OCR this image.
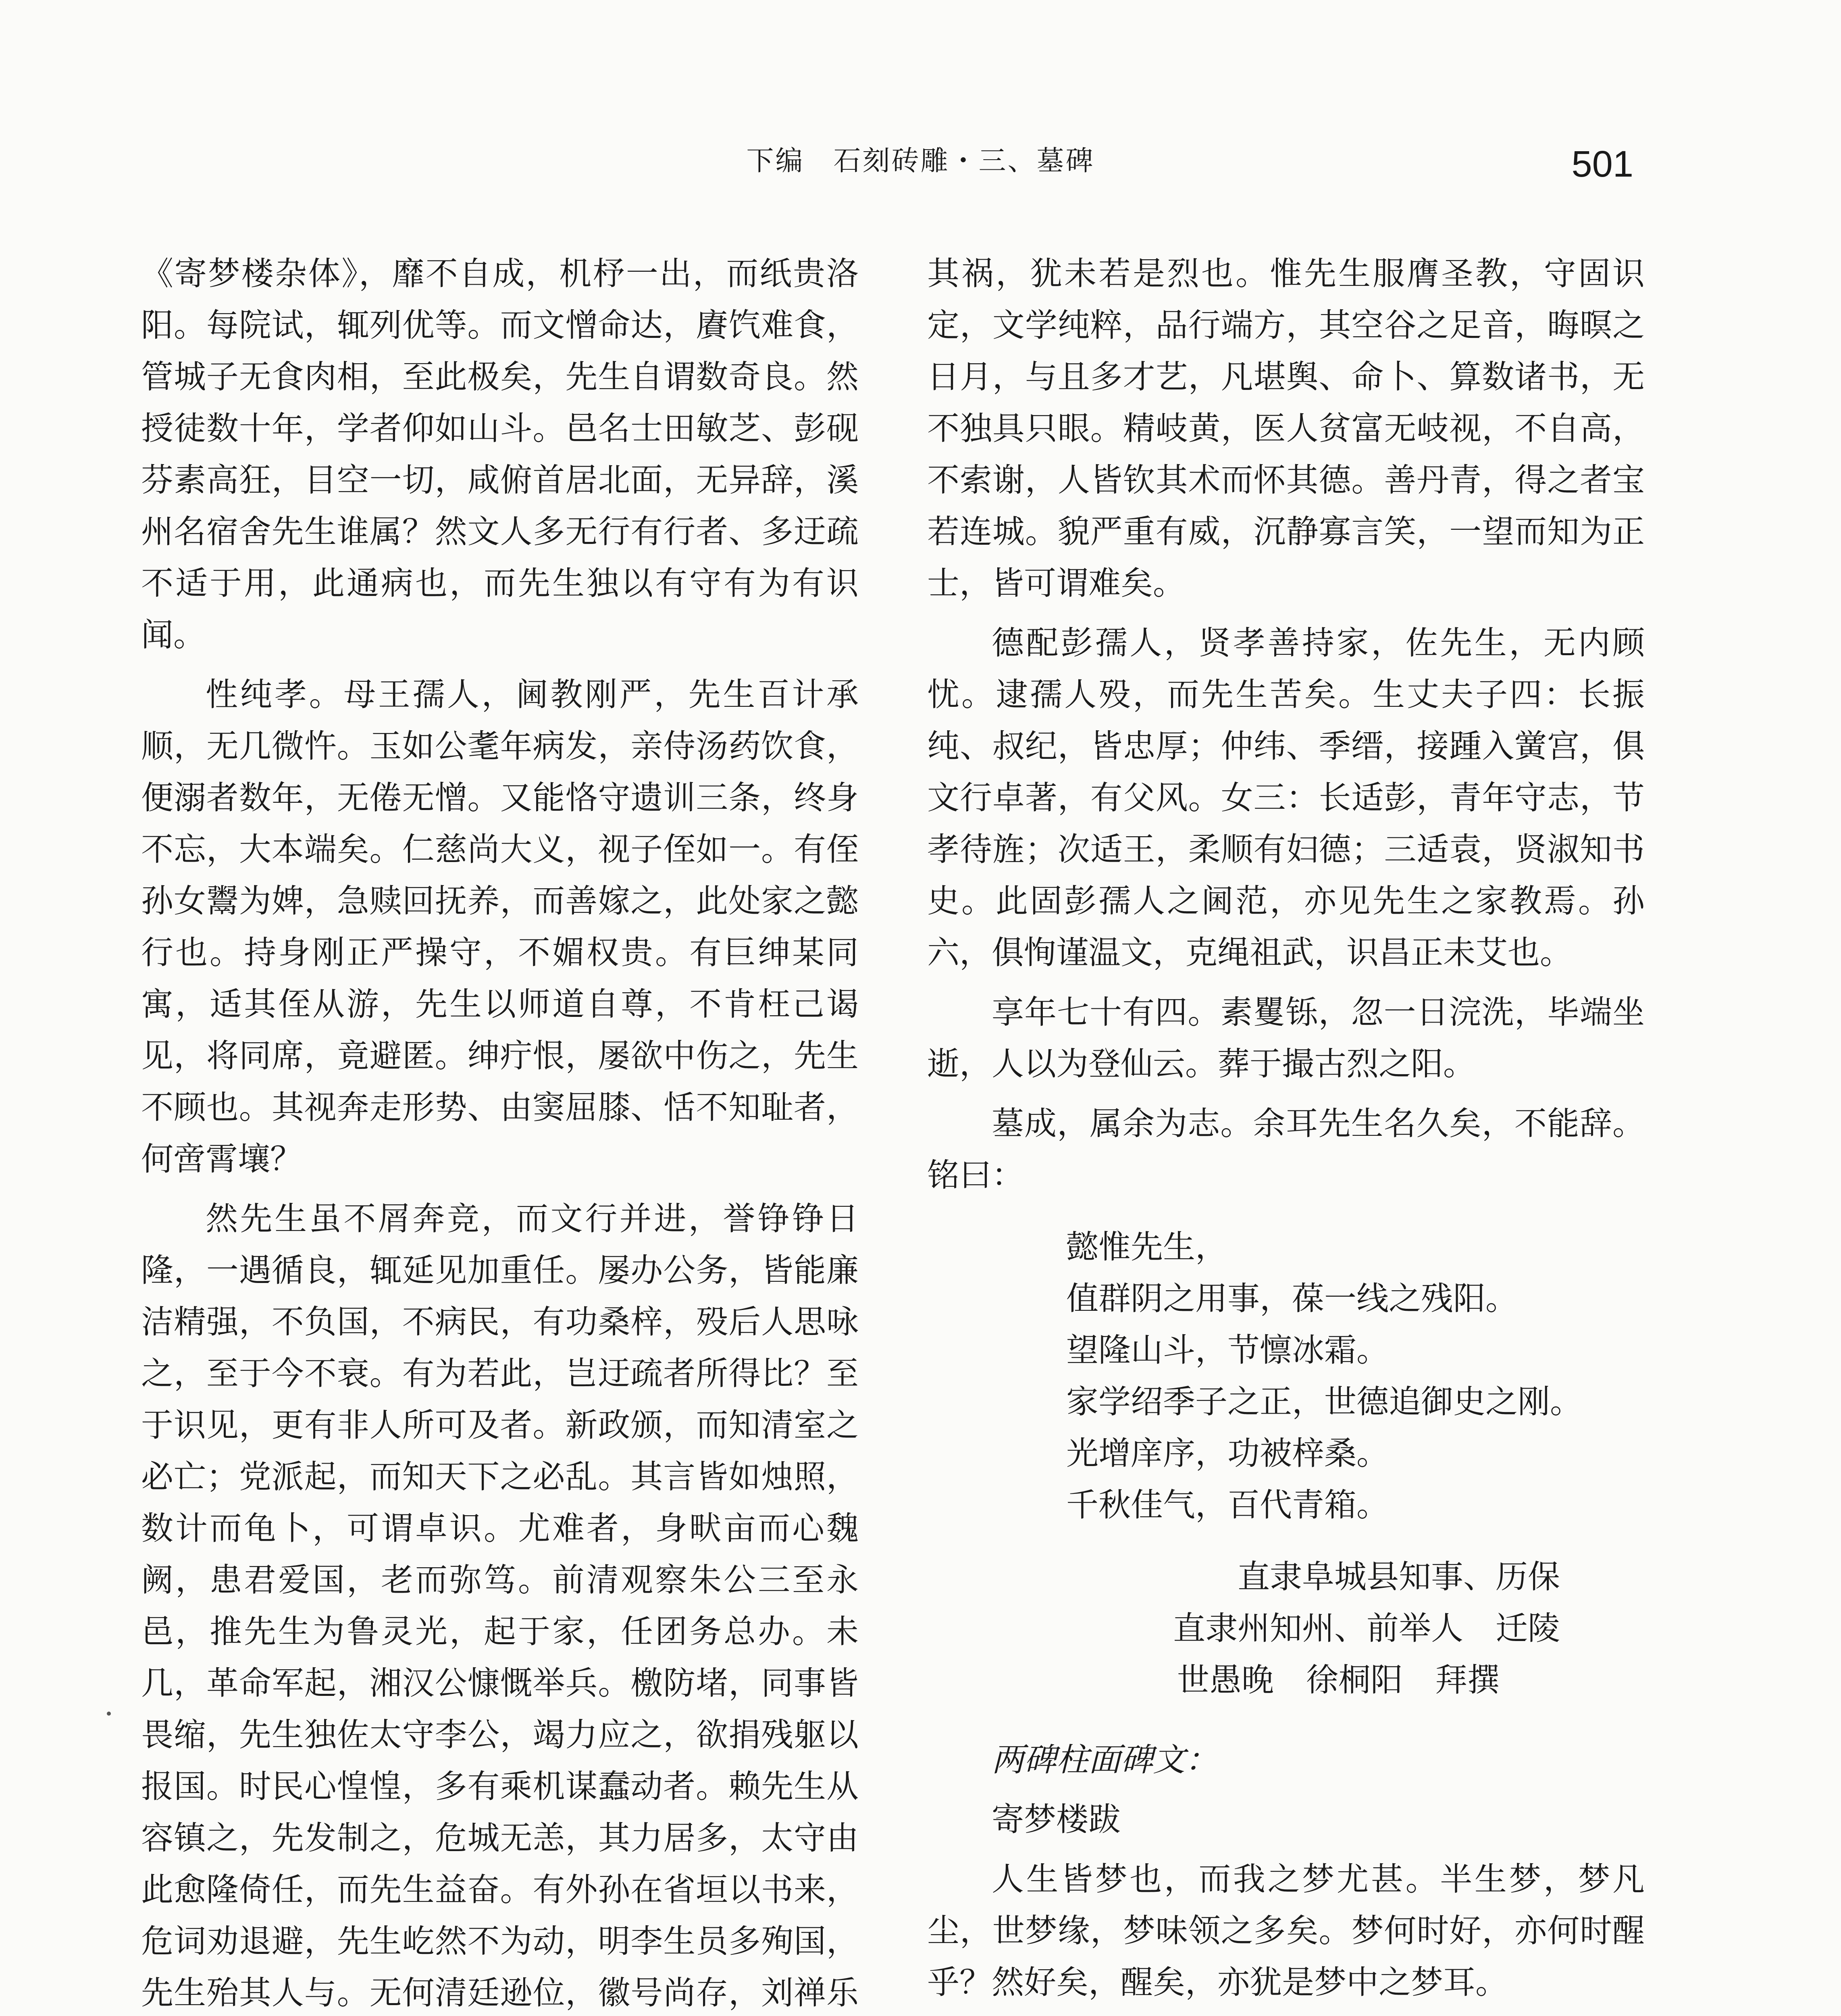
下编　石刻砖雕・三、墓碑	501

《寄梦楼杂体》，靡不自成，机杼一出，而纸贵洛阳。每院试，辄列优等。而文憎命达，賡饩难食，管城子无食肉相，至此极矣，先生自谓数奇良。然授徒数十年，学者仰如山斗。邑名士田敏芝、彭砚芬素高狂，目空一切，咸俯首居北面，无异辞，溪州名宿舍先生谁属？然文人多无行有行者、多迂疏不适于用，此通病也，而先生独以有守有为有识闻。

性纯孝。母王孺人，阃教刚严，先生百计承顺，无几微忤。玉如公耄年病发，亲侍汤药饮食，便溺者数年，无倦无憎。又能恪守遗训三条，终身不忘，大本端矣。仁慈尚大义，视子侄如一。有侄孙女鬻为婢，急赎回抚养，而善嫁之，此处家之懿行也。持身刚正严操守，不媚权贵。有巨绅某同寓，适其侄从游，先生以师道自尊，不肯枉己谒见，将同席，竟避匿。绅疔恨，屡欲中伤之，先生不顾也。其视奔走形势、由窦屈膝、恬不知耻者，何啻霄壤？

然先生虽不屑奔竞，而文行并进，誉铮铮日隆，一遇循良，辄延见加重任。屡办公务，皆能廉洁精强，不负国，不病民，有功桑梓，殁后人思咏之，至于今不衰。有为若此，岂迂疏者所得比？至于识见，更有非人所可及者。新政颁，而知清室之必亡；党派起，而知天下之必乱。其言皆如烛照，数计而龟卜，可谓卓识。尤难者，身畎亩而心魏阙，患君爱国，老而弥笃。前清观察朱公三至永邑，推先生为鲁灵光，起于家，任团务总办。未几，革命军起，湘汉公慷慨举兵。檄防堵，同事皆畏缩，先生独佐太守李公，竭力应之，欲捐残躯以报国。时民心惶惶，多有乘机谋蠢动者。赖先生从容镇之，先发制之，危城无恙，其力居多，太守由此愈隆倚任，而先生益奋。有外孙在省垣以书来，危词劝退避，先生屹然不为动，明李生员多殉国，先生殆其人与。无何清廷逊位，徽号尚存，刘禅乐

其祸，犹未若是烈也。惟先生服膺圣教，守固识定，文学纯粹，品行端方，其空谷之足音，晦暝之日月，与且多才艺，凡堪舆、命卜、算数诸书，无不独具只眼。精岐黄，医人贫富无岐视，不自高，不索谢，人皆钦其术而怀其德。善丹青，得之者宝若连城。貌严重有威，沉静寡言笑，一望而知为正士，皆可谓难矣。

德配彭孺人，贤孝善持家，佐先生，无内顾忧。逮孺人殁，而先生苦矣。生丈夫子四：长振纯、叔纪，皆忠厚；仲纬、季缙，接踵入黉宫，俱文行卓著，有父风。女三：长适彭，青年守志，节孝待旌；次适王，柔顺有妇德；三适袁，贤淑知书史。此固彭孺人之阃范，亦见先生之家教焉。孙六，俱恂谨温文，克绳祖武，识昌正未艾也。

享年七十有四。素矍铄，忽一日浣洗，毕端坐逝，人以为登仙云。葬于撮古烈之阳。

墓成，属余为志。余耳先生名久矣，不能辞。铭曰：

懿惟先生，
值群阴之用事，葆一线之残阳。
望隆山斗，节懔冰霜。
家学绍季子之正，世德追御史之刚。
光增庠序，功被梓桑。
千秋佳气，百代青箱。
直隶阜城县知事、历保
直隶州知州、前举人　迁陵
世愚晚　徐桐阳　拜撰

两碑柱面碑文：

寄梦楼跋

人生皆梦也，而我之梦尤甚。半生梦，梦凡尘，世梦缘，梦味领之多矣。梦何时好，亦何时醒乎？然好矣，醒矣，亦犹是梦中之梦耳。
